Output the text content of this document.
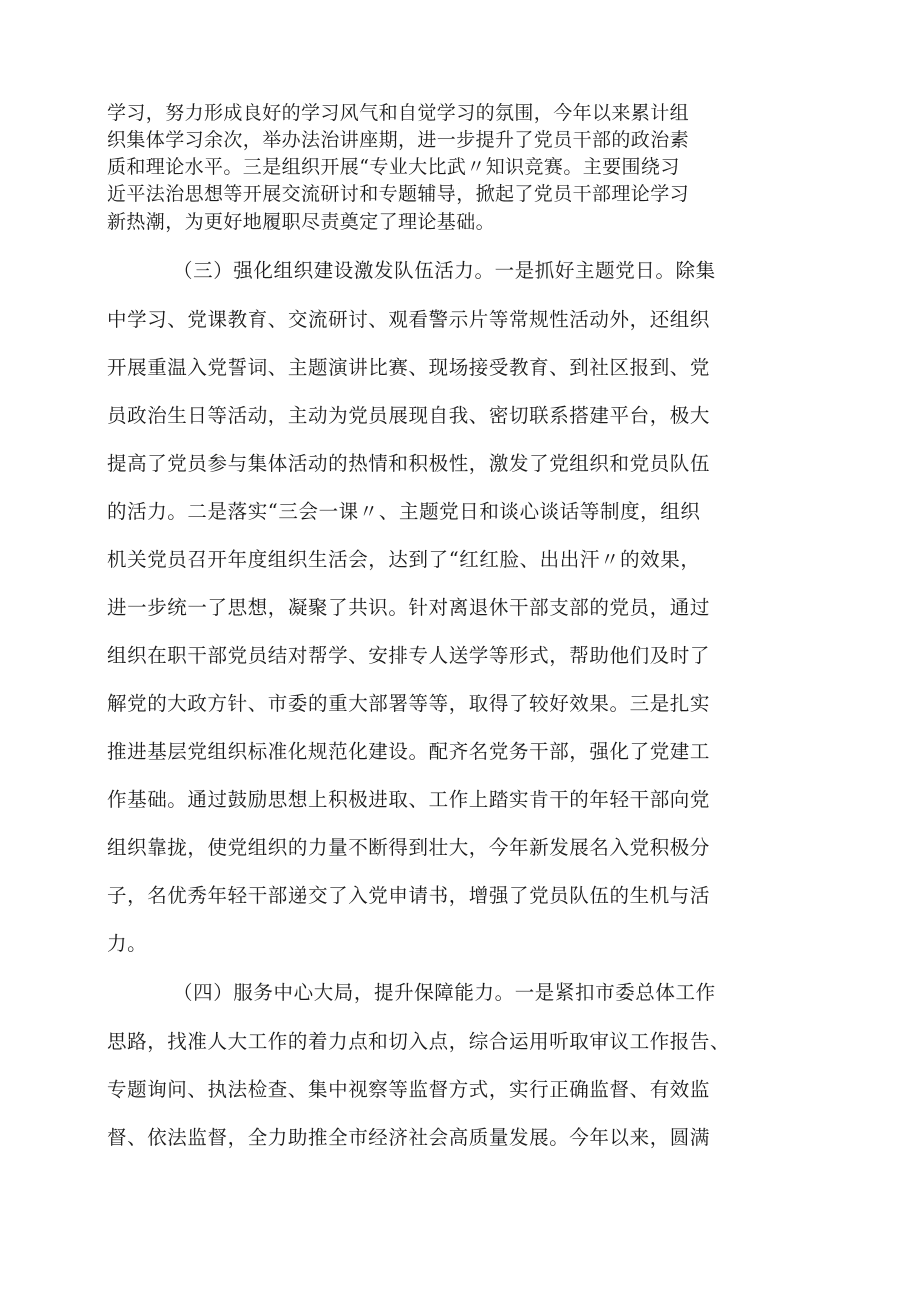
学习，努力形成良好的学习风气和自觉学习的氛围，今年以来累计组
织集体学习余次，举办法治讲座期，进一步提升了党员干部的政治素
质和理论水平。三是组织开展“专业大比武〃知识竞赛。主要围绕习
近平法治思想等开展交流研讨和专题辅导，掀起了党员干部理论学习
新热潮，为更好地履职尽责奠定了理论基础。
（三）强化组织建设激发队伍活力。一是抓好主题党日。除集
中学习、党课教育、交流研讨、观看警示片等常规性活动外，还组织
开展重温入党誓词、主题演讲比赛、现场接受教育、到社区报到、党
员政治生日等活动，主动为党员展现自我、密切联系搭建平台，极大
提高了党员参与集体活动的热情和积极性，激发了党组织和党员队伍
的活力。二是落实“三会一课〃、主题党日和谈心谈话等制度，组织
机关党员召开年度组织生活会，达到了“红红脸、出出汗〃的效果，
进一步统一了思想，凝聚了共识。针对离退休干部支部的党员，通过
组织在职干部党员结对帮学、安排专人送学等形式，帮助他们及时了
解党的大政方针、市委的重大部署等等，取得了较好效果。三是扎实
推进基层党组织标准化规范化建设。配齐名党务干部，强化了党建工
作基础。通过鼓励思想上积极进取、工作上踏实肯干的年轻干部向党
组织靠拢，使党组织的力量不断得到壮大，今年新发展名入党积极分
子，名优秀年轻干部递交了入党申请书，增强了党员队伍的生机与活
力。
（四）服务中心大局，提升保障能力。一是紧扣市委总体工作
思路，找准人大工作的着力点和切入点，综合运用听取审议工作报告、
专题询问、执法检查、集中视察等监督方式，实行正确监督、有效监
督、依法监督，全力助推全市经济社会高质量发展。今年以来，圆满
